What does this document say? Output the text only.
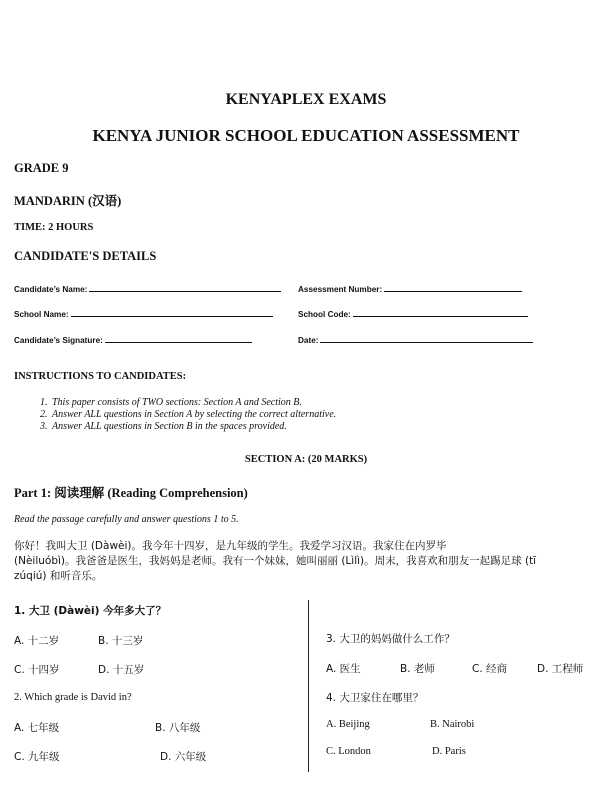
KENYAPLEX EXAMS
KENYA JUNIOR SCHOOL EDUCATION ASSESSMENT
GRADE 9
MANDARIN (汉语)
TIME: 2 HOURS
CANDIDATE'S DETAILS
Candidate’s Name:	Assessment Number:
School Name:	School Code:
Candidate’s Signature:	Date:
INSTRUCTIONS TO CANDIDATES:
1. This paper consists of TWO sections: Section A and Section B.
2. Answer ALL questions in Section A by selecting the correct alternative.
3. Answer ALL questions in Section B in the spaces provided.
SECTION A: (20 MARKS)
Part 1: 阅读理解 (Reading Comprehension)
Read the passage carefully and answer questions 1 to 5.
你好！我叫大卫 (Dàwèi)。我今年十四岁，是九年级的学生。我爱学习汉语。我家住在内罗毕
(Nèiluóbì)。我爸爸是医生，我妈妈是老师。我有一个妹妹，她叫丽丽 (Lìlì)。周末，我喜欢和朋友一起踢足球 (tī
zúqiú) 和听音乐。
1. 大卫 (Dàwèi) 今年多大了？
A. 十二岁	B. 十三岁
C. 十四岁	D. 十五岁
2. Which grade is David in?
A. 七年级	B. 八年级
C. 九年级	D. 六年级
3. 大卫的妈妈做什么工作？
A. 医生	B. 老师	C. 经商	D. 工程师
4. 大卫家住在哪里？
A. Beijing	B. Nairobi
C. London	D. Paris
